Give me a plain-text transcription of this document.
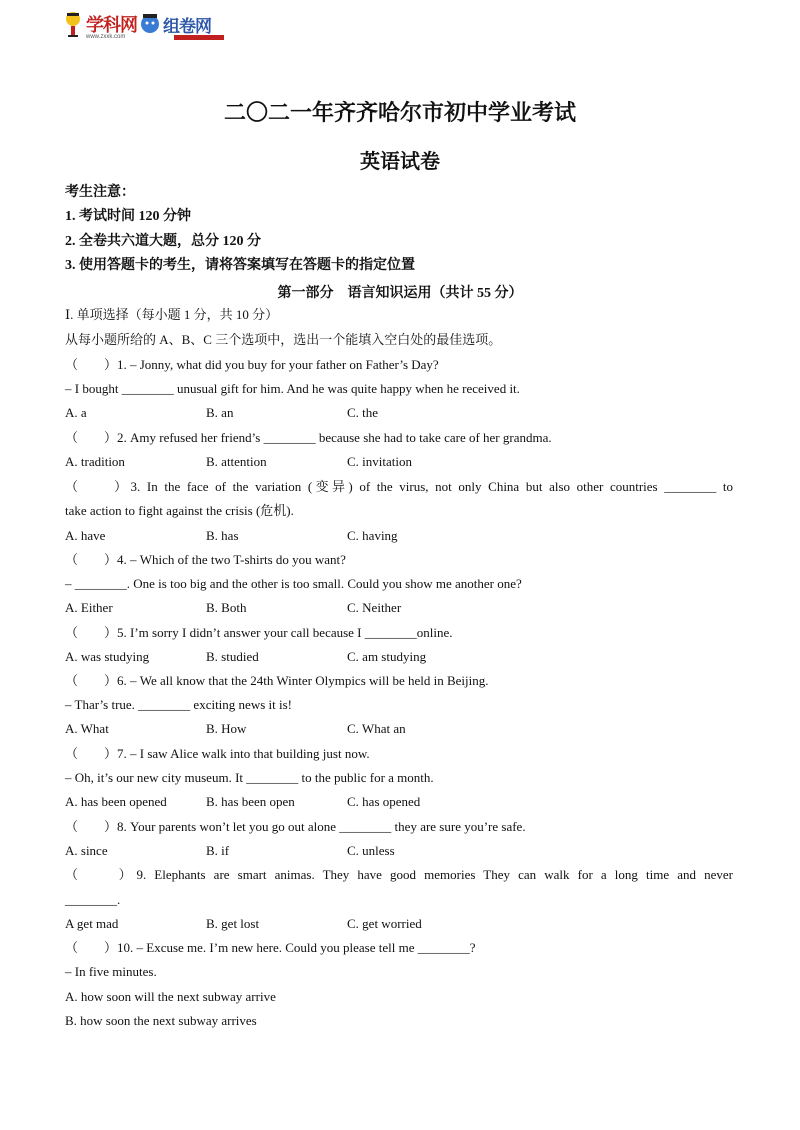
学科网 组卷网
www.zxxk.com
二〇二一年齐齐哈尔市初中学业考试
英语试卷
考生注意：
1. 考试时间 120 分钟
2. 全卷共六道大题，总分 120 分
3. 使用答题卡的考生，请将答案填写在答题卡的指定位置
第一部分　语言知识运用（共计 55 分）
Ⅰ. 单项选择（每小题 1 分，共 10 分）
从每小题所给的 A、B、C 三个选项中，选出一个能填入空白处的最佳选项。
（　　）1. – Jonny, what did you buy for your father on Father’s Day?
– I bought ________ unusual gift for him. And he was quite happy when he received it.
A. a	B. an	C. the
（　　）2. Amy refused her friend’s ________ because she had to take care of her grandma.
A. tradition	B. attention	C. invitation
（　　）3. In the face of the variation (变异) of the virus, not only China but also other countries ________ to
take action to fight against the crisis (危机).
A. have	B. has	C. having
（　　）4. – Which of the two T-shirts do you want?
– ________. One is too big and the other is too small. Could you show me another one?
A. Either	B. Both	C. Neither
（　　）5. I’m sorry I didn’t answer your call because I ________online.
A. was studying	B. studied	C. am studying
（　　）6. – We all know that the 24th Winter Olympics will be held in Beijing.
– Thar’s true. ________ exciting news it is!
A. What	B. How	C. What an
（　　）7. – I saw Alice walk into that building just now.
– Oh, it’s our new city museum. It ________ to the public for a month.
A. has been opened	B. has been open	C. has opened
（　　）8. Your parents won’t let you go out alone ________ they are sure you’re safe.
A. since	B. if	C. unless
（　　）9. Elephants are smart animas. They have good memories They can walk for a long time and never
________.
A get mad	B. get lost	C. get worried
（　　）10. – Excuse me. I’m new here. Could you please tell me ________?
– In five minutes.
A. how soon will the next subway arrive
B. how soon the next subway arrives
